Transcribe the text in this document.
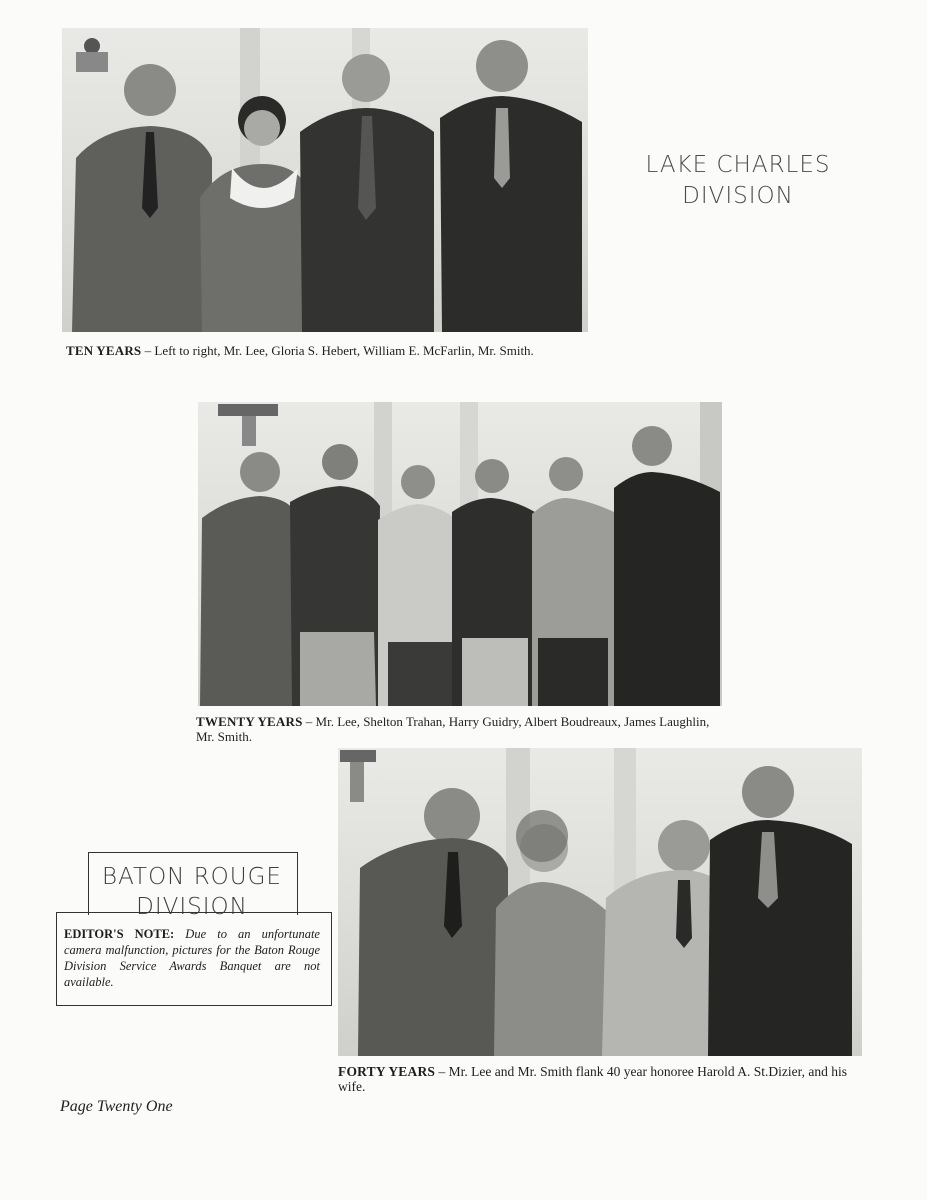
TEN YEARS – Left to right, Mr. Lee, Gloria S. Hebert, William E. McFarlin, Mr. Smith.
LAKE CHARLES
DIVISION
TWENTY YEARS – Mr. Lee, Shelton Trahan, Harry Guidry, Albert Boudreaux, James Laughlin, Mr. Smith.
FORTY YEARS – Mr. Lee and Mr. Smith flank 40 year honoree Harold A. St.Dizier, and his wife.
BATON ROUGE
DIVISION
EDITOR'S NOTE: Due to an unfortunate camera malfunction, pictures for the Baton Rouge Division Service Awards Banquet are not available.
Page Twenty One
